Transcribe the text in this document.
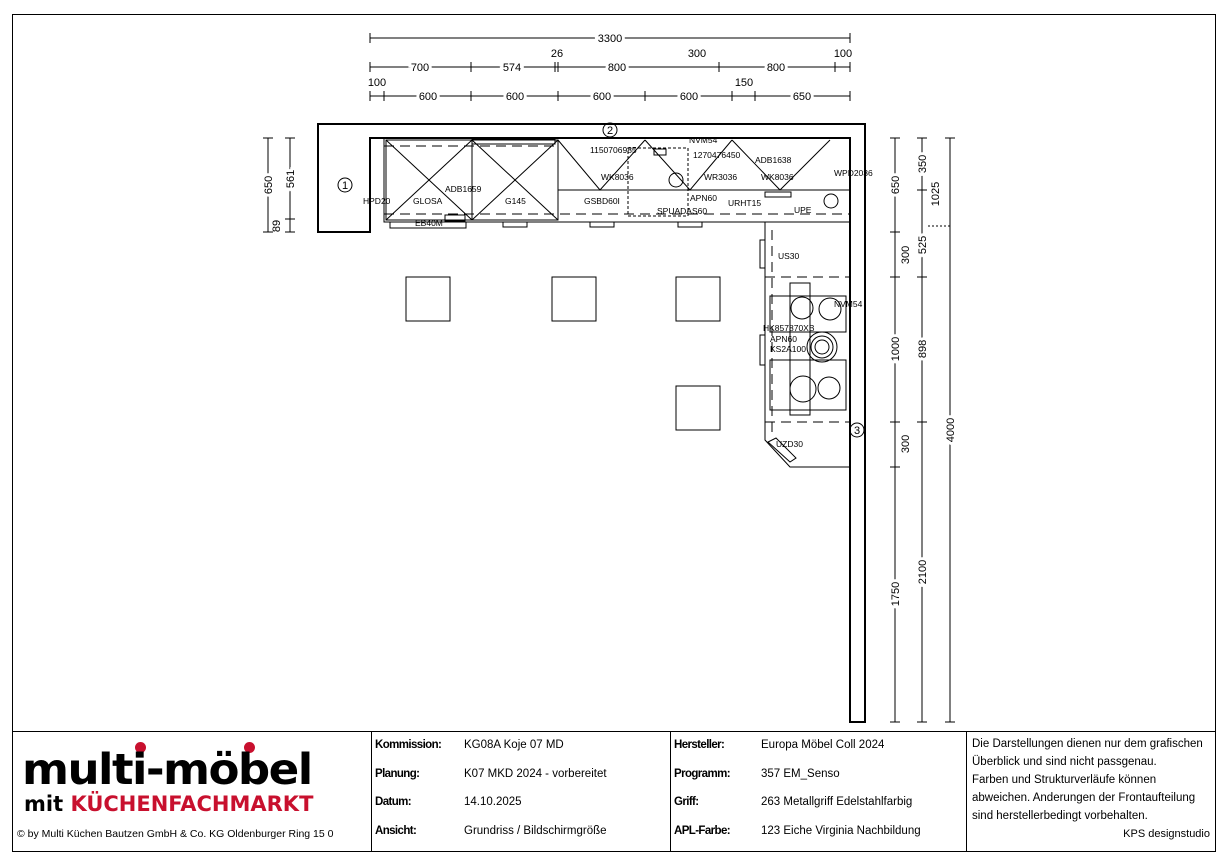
3300
700	574	800	800
26	300	100
600	600	600	600	650
100	150
650 561
89
650
300
1000
300
1750
350
525
898
2100
1025
4000
HPD20	GLOSA
ADB1659
G145
EB40M
1150706985	1270476450
NVM54
WK8036	WR3036
ADB1638
WK8036	WPD2036
GSBD60I	APN60
SPUADAS60
URHT15
UPE
US30
NVM54
HK857870XB
APN60
KS2A100
UZD30
1
2
3
multi-möbel
mit KÜCHENFACHMARKT
© by Multi Küchen Bautzen GmbH & Co. KG Oldenburger Ring 15 0
Kommission: KG08A Koje 07 MD
Planung:	K07 MKD 2024 - vorbereitet
Datum:	14.10.2025
Ansicht:	Grundriss / Bildschirmgröße
Hersteller:	Europa Möbel Coll 2024
Programm:	357 EM_Senso
Griff:	263 Metallgriff Edelstahlfarbig
APL-Farbe:	123 Eiche Virginia Nachbildung
Die Darstellungen dienen nur dem grafischen
Überblick und sind nicht passgenau.
Farben und Strukturverläufe können
abweichen. Anderungen der Frontaufteilung
sind herstellerbedingt vorbehalten.
KPS designstudio
